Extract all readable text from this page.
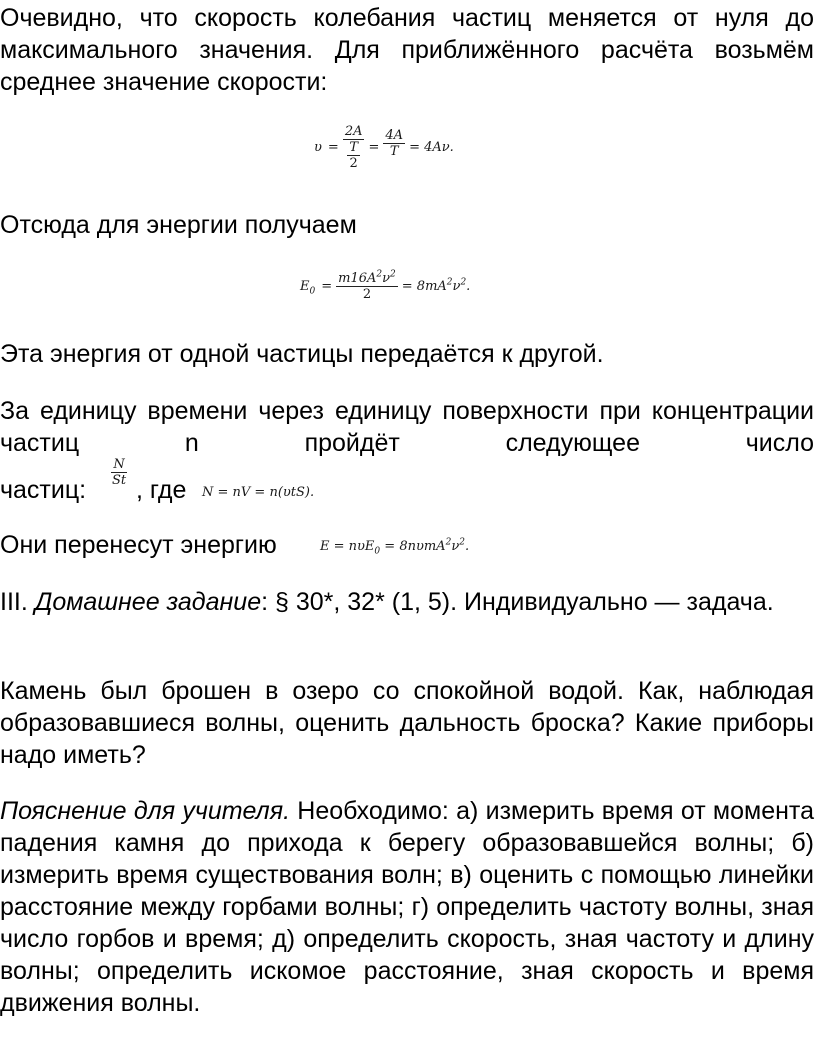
Очевидно, что скорость колебания частиц меняется от нуля до максимального значения. Для приближённого расчёта возьмём среднее значение скорости:

$\upsilon = \frac{2A}{\frac{T}{2}} = \frac{4A}{T} = 4A\nu$.

Отсюда для энергии получаем

$E_0 = \frac{m16A^2\nu^2}{2} = 8mA^2\nu^2$.

Эта энергия от одной частицы передаётся к другой.

За единицу времени через единицу поверхности при концентрации частиц n пройдёт следующее число

частиц:
$\frac{N}{St}$
, где N = nV = n(υtS).
Они перенесут энергию	$E = n\upsilon E_0 = 8n\upsilon mA^2\nu^2$.

III. Домашнее задание: § 30*, 32* (1, 5). Индивидуально — задача.

Камень был брошен в озеро со спокойной водой. Как, наблюдая образовавшиеся волны, оценить дальность броска? Какие приборы надо иметь?

Пояснение для учителя. Необходимо: а) измерить время от момента падения камня до прихода к берегу образовавшейся волны; б) измерить время существования волн; в) оценить с помощью линейки расстояние между горбами волны; г) определить частоту волны, зная число горбов и время; д) определить скорость, зная частоту и длину волны; определить искомое расстояние, зная скорость и время движения волны.
